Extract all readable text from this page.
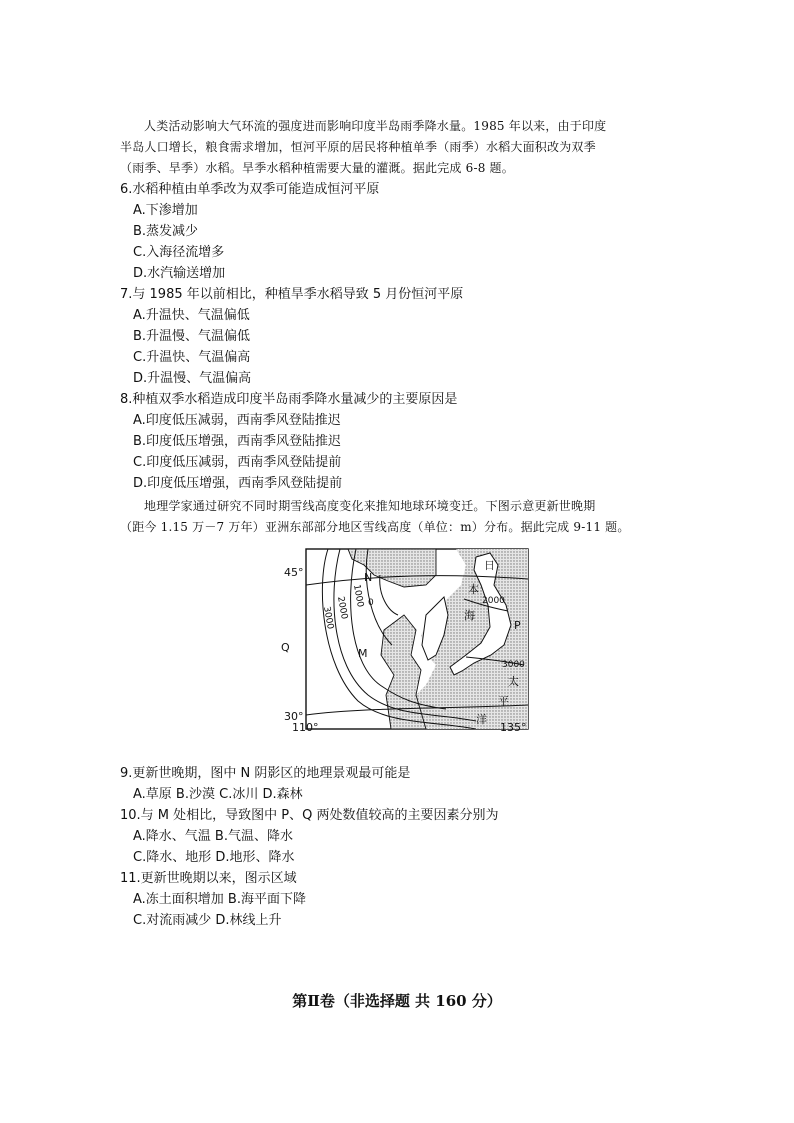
人类活动影响大气环流的强度进而影响印度半岛雨季降水量。1985 年以来，由于印度
半岛人口增长，粮食需求增加，恒河平原的居民将种植单季（雨季）水稻大面积改为双季
（雨季、旱季）水稻。旱季水稻种植需要大量的灌溉。据此完成 6-8 题。
6.水稻种植由单季改为双季可能造成恒河平原
A.下渗增加
B.蒸发减少
C.入海径流增多
D.水汽输送增加
7.与 1985 年以前相比，种植旱季水稻导致 5 月份恒河平原
A.升温快、气温偏低
B.升温慢、气温偏低
C.升温快、气温偏高
D.升温慢、气温偏高
8.种植双季水稻造成印度半岛雨季降水量减少的主要原因是
A.印度低压减弱，西南季风登陆推迟
B.印度低压增强，西南季风登陆推迟
C.印度低压减弱，西南季风登陆提前
D.印度低压增强，西南季风登陆提前
地理学家通过研究不同时期雪线高度变化来推知地球环境变迁。下图示意更新世晚期
（距今 1.15 万－7 万年）亚洲东部部分地区雪线高度（单位：m）分布。据此完成 9-11 题。
45°
30°
110°	135°
3000 2000 1000 0	2000
3000
N
M
P
Q
日
本
海
太
平
洋
9.更新世晚期，图中 N 阴影区的地理景观最可能是
A.草原 B.沙漠 C.冰川 D.森林
10.与 M 处相比，导致图中 P、Q 两处数值较高的主要因素分别为
A.降水、气温 B.气温、降水
C.降水、地形 D.地形、降水
11.更新世晚期以来，图示区域
A.冻土面积增加 B.海平面下降
C.对流雨减少 D.林线上升
第Ⅱ卷（非选择题 共 160 分）
